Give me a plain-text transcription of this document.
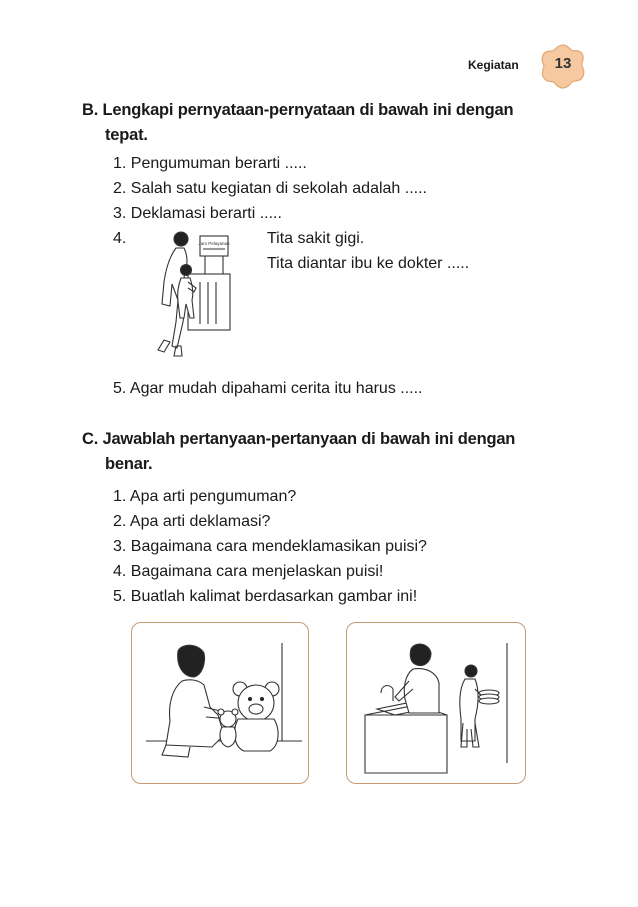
Kegiatan	13
B. Lengkapi pernyataan-pernyataan di bawah ini dengan
tepat.
1. Pengumuman berarti .....
2. Salah satu kegiatan di sekolah adalah .....
3. Deklamasi berarti .....
4.	Tita sakit gigi.
Tita diantar ibu ke dokter .....
Jam Pelayanan
5. Agar mudah dipahami cerita itu harus .....
C. Jawablah pertanyaan-pertanyaan di bawah ini dengan
benar.
1. Apa arti pengumuman?
2. Apa arti deklamasi?
3. Bagaimana cara mendeklamasikan puisi?
4. Bagaimana cara menjelaskan puisi!
5. Buatlah kalimat berdasarkan gambar ini!
